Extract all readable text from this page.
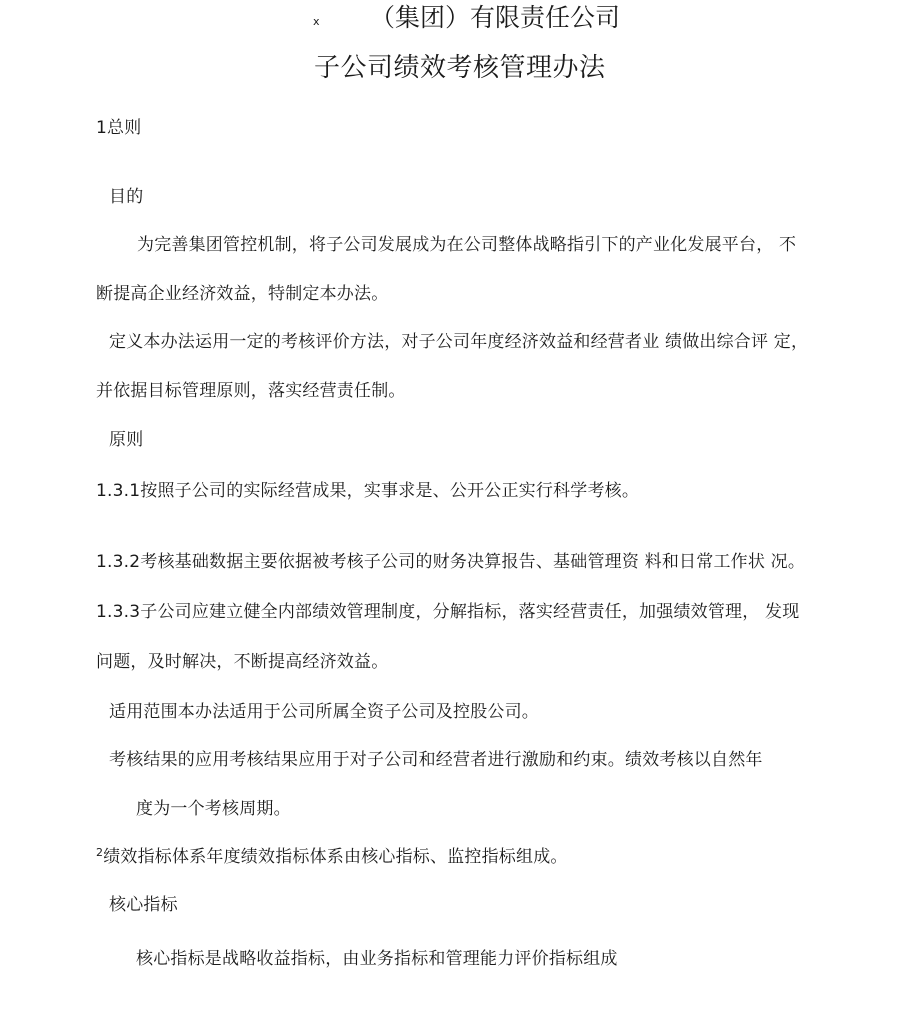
x （集团）有限责任公司
子公司绩效考核管理办法
1总则
目的
为完善集团管控机制，将子公司发展成为在公司整体战略指引下的产业化发展平台， 不
断提高企业经济效益，特制定本办法。
定义本办法运用一定的考核评价方法，对子公司年度经济效益和经营者业 绩做出综合评 定，
并依据目标管理原则，落实经营责任制。
原则
1.3.1按照子公司的实际经营成果，实事求是、公开公正实行科学考核。
1.3.2考核基础数据主要依据被考核子公司的财务决算报告、基础管理资 料和日常工作状 况。
1.3.3子公司应建立健全内部绩效管理制度，分解指标，落实经营责任，加强绩效管理， 发现
问题，及时解决，不断提高经济效益。
适用范围本办法适用于公司所属全资子公司及控股公司。
考核结果的应用考核结果应用于对子公司和经营者进行激励和约束。绩效考核以自然年
度为一个考核周期。
$^2$绩效指标体系年度绩效指标体系由核心指标、监控指标组成。
核心指标
核心指标是战略收益指标，由业务指标和管理能力评价指标组成
